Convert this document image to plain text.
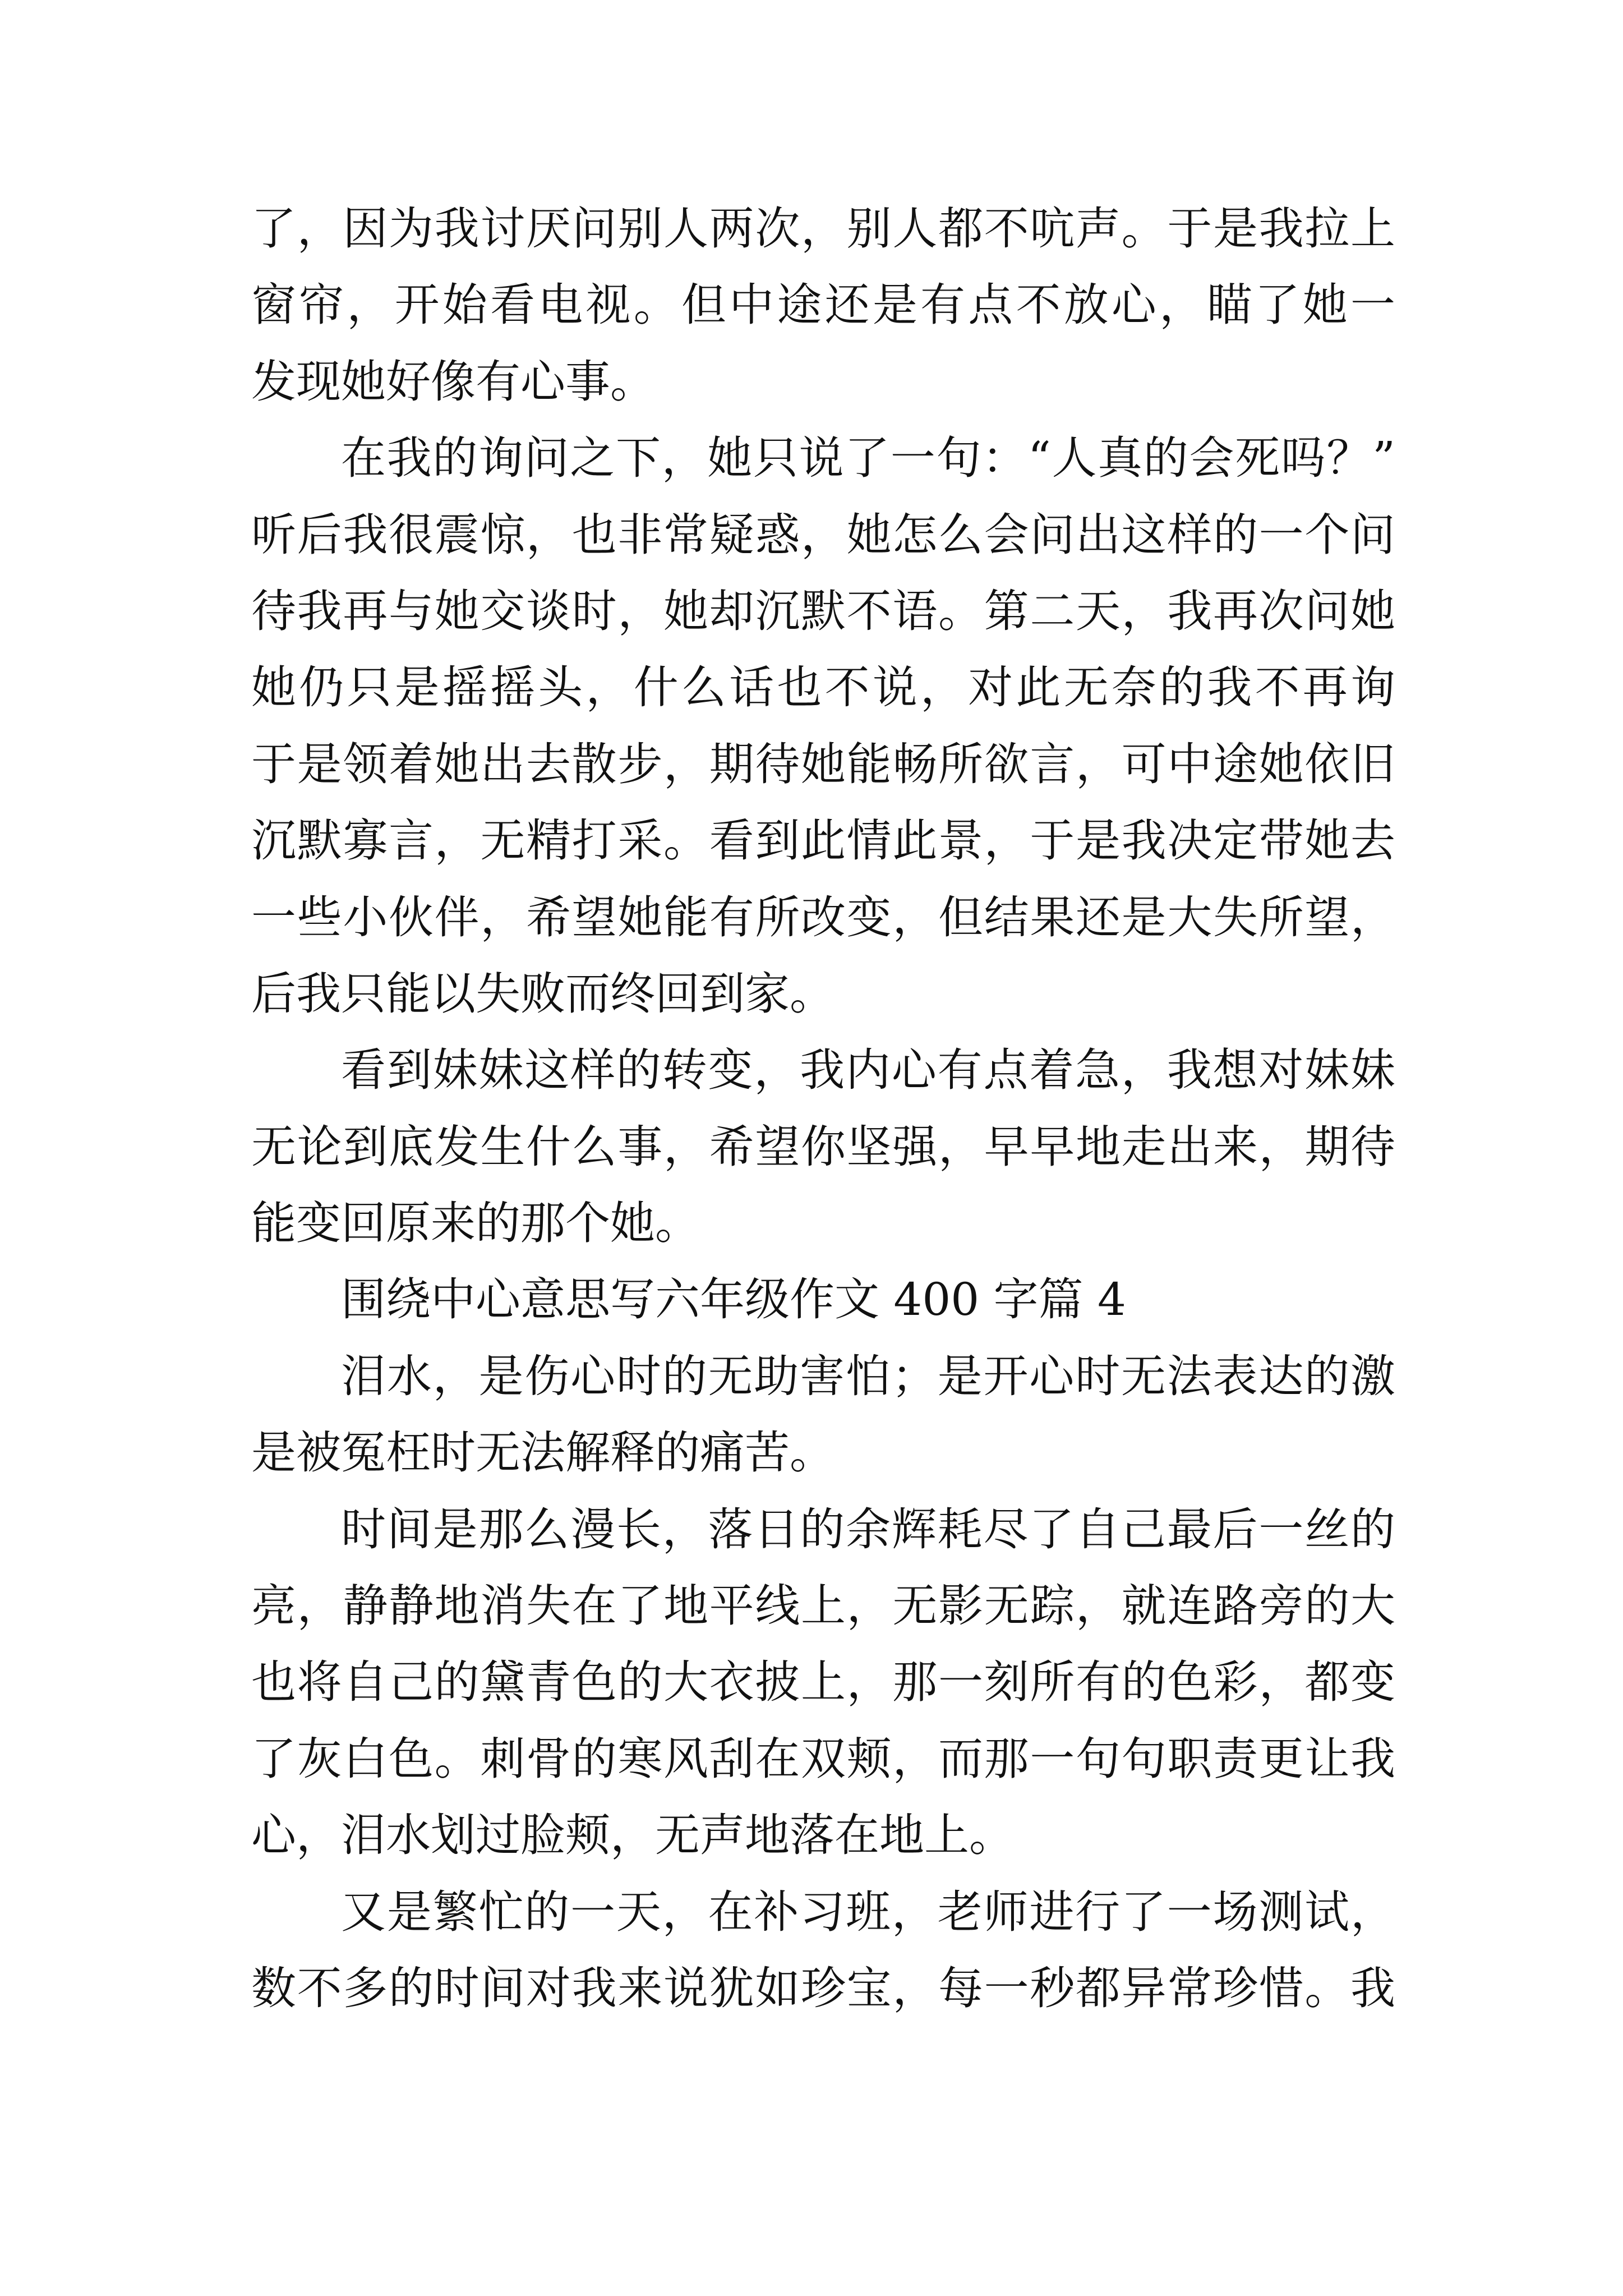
了，因为我讨厌问别人两次，别人都不吭声。于是我拉上
窗帘，开始看电视。但中途还是有点不放心，瞄了她一
发现她好像有心事。
在我的询问之下，她只说了一句：“人真的会死吗？”
听后我很震惊，也非常疑惑，她怎么会问出这样的一个问
待我再与她交谈时，她却沉默不语。第二天，我再次问她
她仍只是摇摇头，什么话也不说，对此无奈的我不再询
于是领着她出去散步，期待她能畅所欲言，可中途她依旧
沉默寡言，无精打采。看到此情此景，于是我决定带她去
一些小伙伴，希望她能有所改变，但结果还是大失所望，
后我只能以失败而终回到家。
看到妹妹这样的转变，我内心有点着急，我想对妹妹
无论到底发生什么事，希望你坚强，早早地走出来，期待
能变回原来的那个她。
围绕中心意思写六年级作文 400 字篇 4
泪水，是伤心时的无助害怕；是开心时无法表达的激
是被冤枉时无法解释的痛苦。
时间是那么漫长，落日的余辉耗尽了自己最后一丝的
亮，静静地消失在了地平线上，无影无踪，就连路旁的大
也将自己的黛青色的大衣披上，那一刻所有的色彩，都变
了灰白色。刺骨的寒风刮在双颊，而那一句句职责更让我
心，泪水划过脸颊，无声地落在地上。
又是繁忙的一天，在补习班，老师进行了一场测试，
数不多的时间对我来说犹如珍宝，每一秒都异常珍惜。我
